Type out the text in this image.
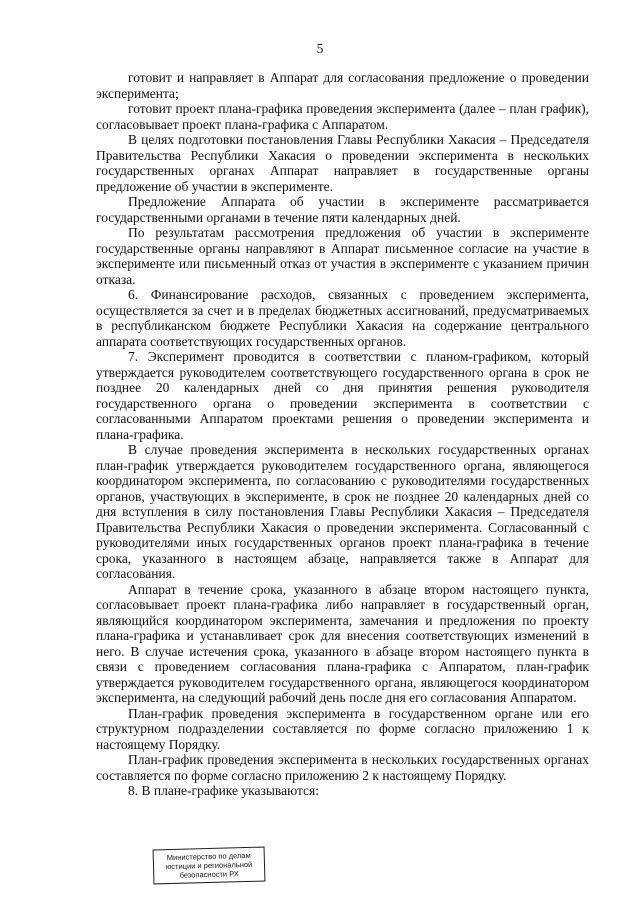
5

готовит и направляет в Аппарат для согласования предложение о проведении эксперимента;

готовит проект плана-графика проведения эксперимента (далее – план график), согласовывает проект плана-графика с Аппаратом.

В целях подготовки постановления Главы Республики Хакасия – Председателя Правительства Республики Хакасия о проведении эксперимента в нескольких государственных органах Аппарат направляет в государственные органы предложение об участии в эксперименте.

Предложение Аппарата об участии в эксперименте рассматривается государственными органами в течение пяти календарных дней.

По результатам рассмотрения предложения об участии в эксперименте государственные органы направляют в Аппарат письменное согласие на участие в эксперименте или письменный отказ от участия в эксперименте с указанием причин отказа.

6. Финансирование расходов, связанных с проведением эксперимента, осуществляется за счет и в пределах бюджетных ассигнований, предусматриваемых в республиканском бюджете Республики Хакасия на содержание центрального аппарата соответствующих государственных органов.

7. Эксперимент проводится в соответствии с планом-графиком, который утверждается руководителем соответствующего государственного органа в срок не позднее 20 календарных дней со дня принятия решения руководителя государственного органа о проведении эксперимента в соответствии с согласованными Аппаратом проектами решения о проведении эксперимента и плана-графика.

В случае проведения эксперимента в нескольких государственных органах план-график утверждается руководителем государственного органа, являющегося координатором эксперимента, по согласованию с руководителями государственных органов, участвующих в эксперименте, в срок не позднее 20 календарных дней со дня вступления в силу постановления Главы Республики Хакасия – Председателя Правительства Республики Хакасия о проведении эксперимента. Согласованный с руководителями иных государственных органов проект плана-графика в течение срока, указанного в настоящем абзаце, направляется также в Аппарат для согласования.

Аппарат в течение срока, указанного в абзаце втором настоящего пункта, согласовывает проект плана-графика либо направляет в государственный орган, являющийся координатором эксперимента, замечания и предложения по проекту плана-графика и устанавливает срок для внесения соответствующих изменений в него. В случае истечения срока, указанного в абзаце втором настоящего пункта в связи с проведением согласования плана-графика с Аппаратом, план-график утверждается руководителем государственного органа, являющегося координатором эксперимента, на следующий рабочий день после дня его согласования Аппаратом.

План-график проведения эксперимента в государственном органе или его структурном подразделении составляется по форме согласно приложению 1 к настоящему Порядку.

План-график проведения эксперимента в нескольких государственных органах составляется по форме согласно приложению 2 к настоящему Порядку.

8. В плане-графике указываются:

Министерство по делам
юстиции и региональной
безопасности РХ
